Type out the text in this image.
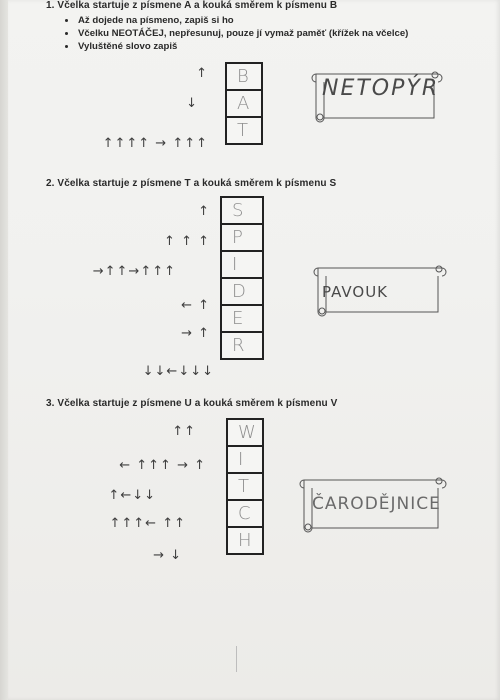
1. Včelka startuje z písmene A a kouká směrem k písmenu B
Až dojede na písmeno, zapiš si ho
Včelku NEOTÁČEJ, nepřesunuj, pouze jí vymaž paměť (křížek na včelce)
Vyluštěné slovo zapiš
↑
↓
↑↑↑↑ → ↑↑↑
B
A
T
NETOPÝR
2. Včelka startuje z písmene T a kouká směrem k písmenu S
↑
↑ ↑ ↑
→↑↑→↑↑↑
← ↑
→ ↑
↓↓←↓↓↓
S
P
I
D
E
R
PAVOUK
3. Včelka startuje z písmene U a kouká směrem k písmenu V
↑↑
← ↑↑↑ → ↑
↑←↓↓
↑↑↑← ↑↑
→ ↓
W
I
T
C
H
ČARODĚJNICE
